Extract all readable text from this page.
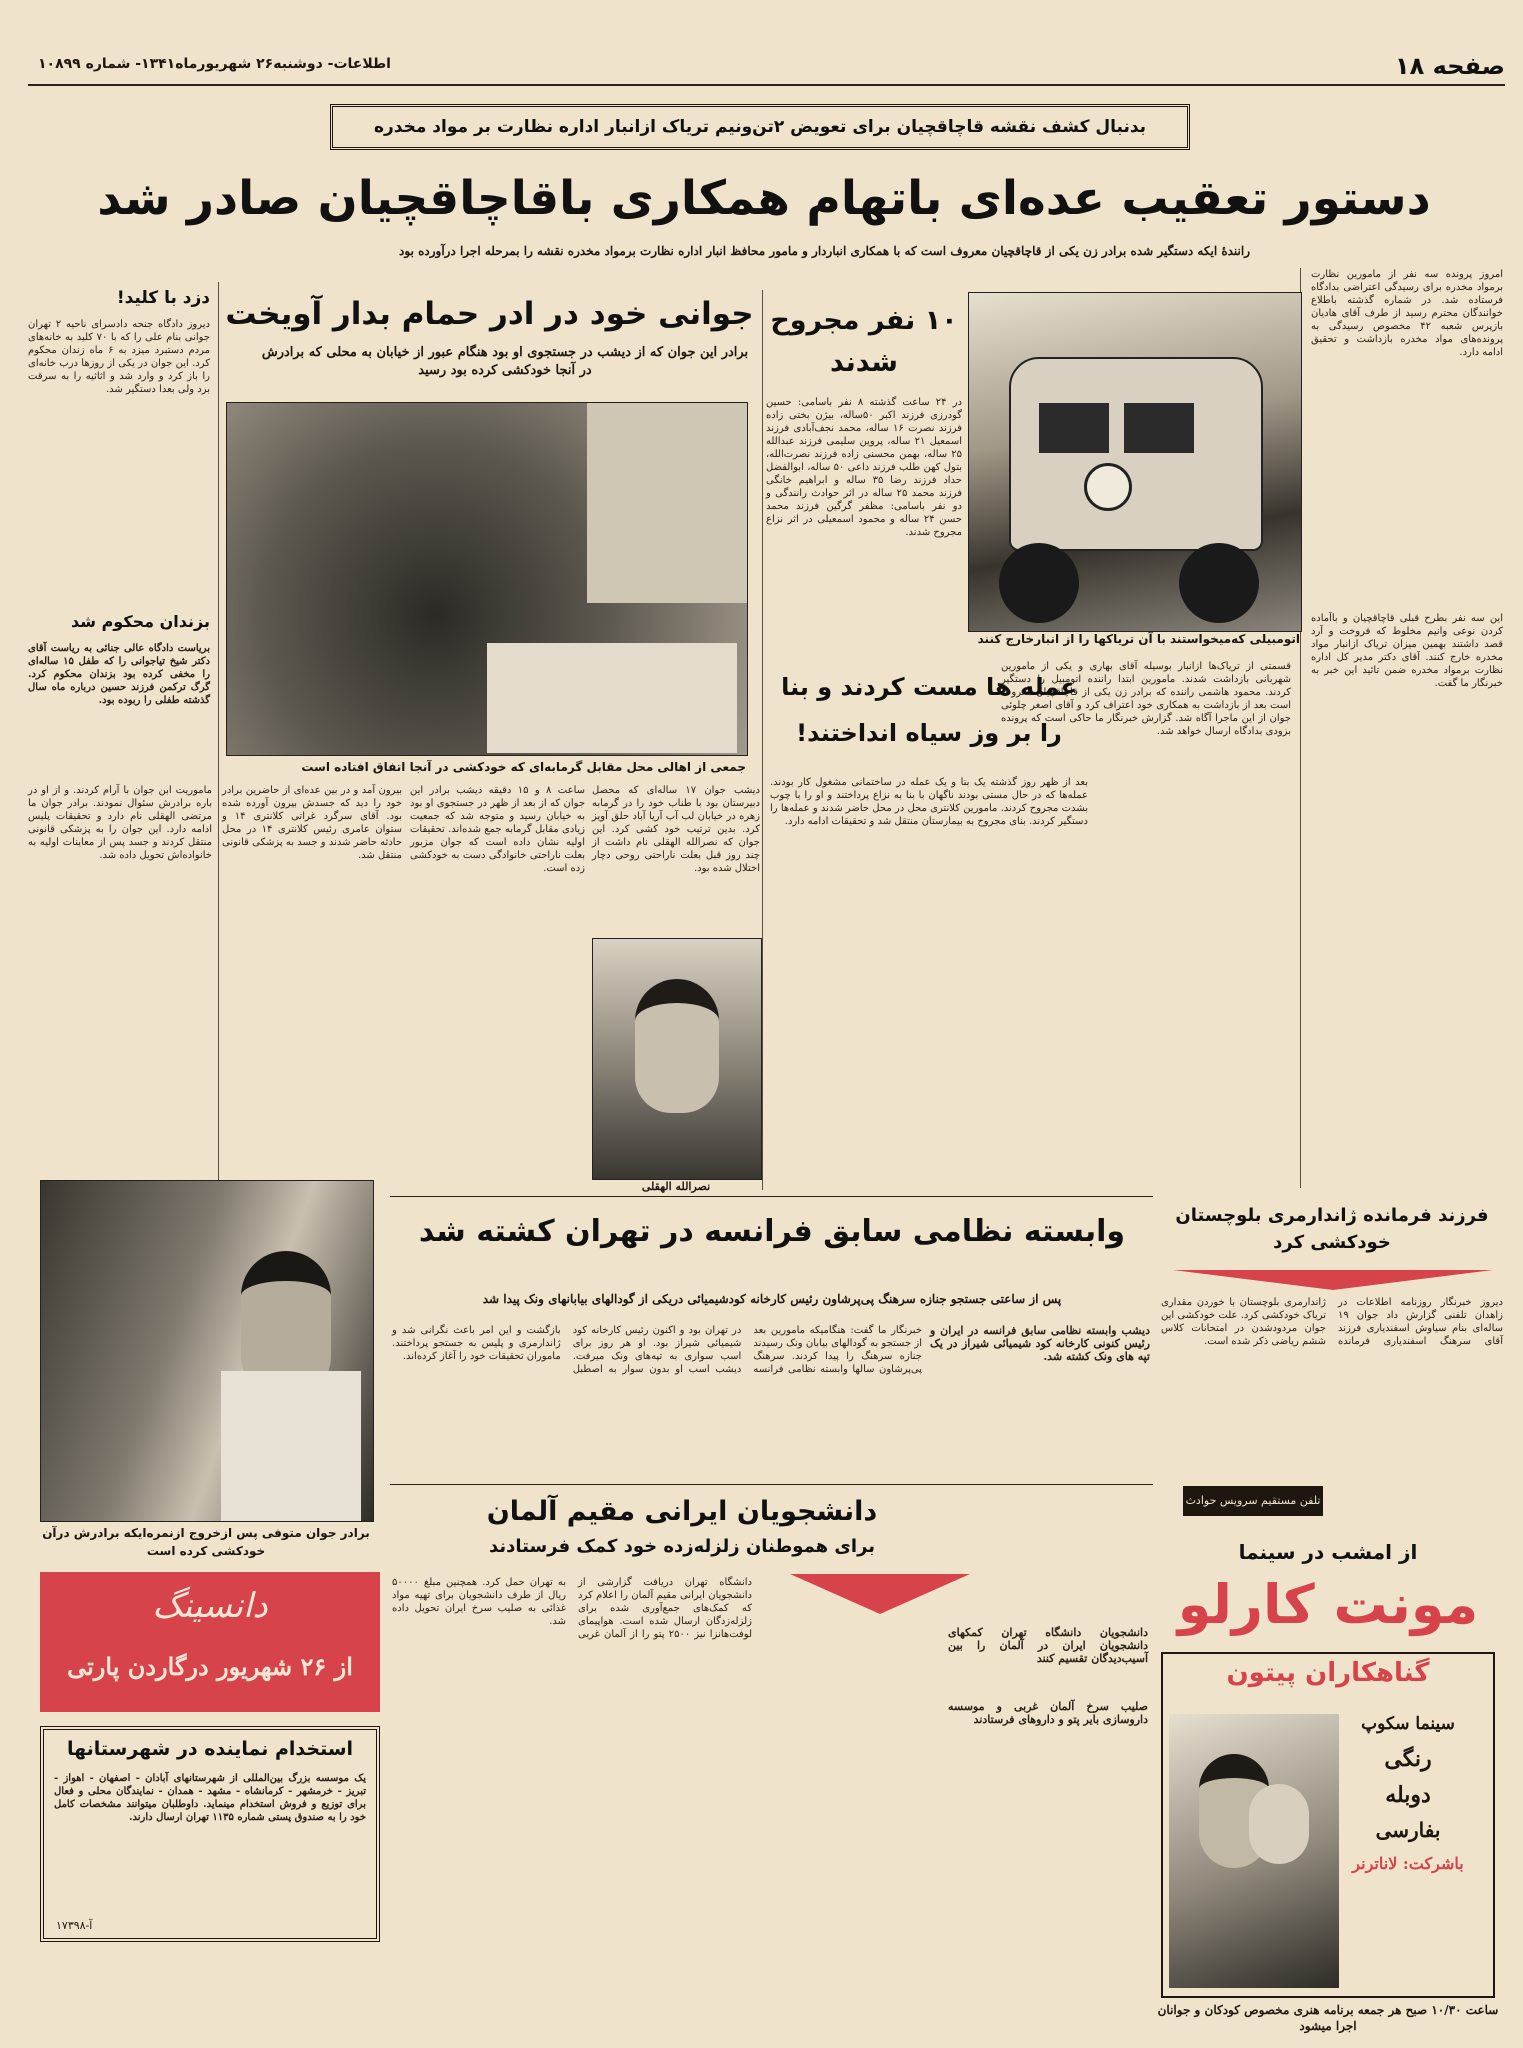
صفحه ۱۸
اطلاعات- دوشنبه۲۶ شهریورماه۱۳۴۱- شماره ۱۰۸۹۹
بدنبال کشف نقشه قاچاقچیان برای تعویض ۲تن‌ونیم تریاک ازانبار اداره نظارت بر مواد مخدره
دستور تعقیب عده‌ای باتهام همکاری باقاچاقچیان صادر شد
رانندهٔ ایکه دستگیر شده برادر زن یکی از قاچاقچیان معروف است که با همکاری انباردار و مامور محافظ انبار اداره نظارت برمواد مخدره نقشه را بمرحله اجرا درآورده بود
امروز پرونده سه نفر از مامورین نظارت برمواد مخدره برای رسیدگی اعتراضی بدادگاه فرستاده شد. در شماره گذشته باطلاع خوانندگان محترم رسید از طرف آقای هادیان بازپرس شعبه ۴۲ مخصوص رسیدگی به پرونده‌های مواد مخدره بازداشت و تحقیق ادامه دارد.
این سه نفر بطرح قبلی قاچاقچیان و باآماده کردن نوعی وانیم مخلوط که فروخت و آرد قصد داشتند بهمین میزان تریاک ازانبار مواد مخدره خارج کنند. آقای دکتر مدیر کل اداره نظارت برمواد مخدره ضمن تائید این خبر به خبرنگار ما گفت.
قسمتی از تریاک‌ها ازانبار بوسیله آقای بهاری و یکی از مامورین شهربانی بازداشت شدند. مامورین ابتدا راننده اتومبیل را دستگیر کردند. محمود هاشمی راننده که برادر زن یکی از قاچاقچیان معروف است بعد از بازداشت به همکاری خود اعتراف کرد و آقای اصغر چلوئی جوان از این ماجرا آگاه شد. گزارش خبرنگار ما حاکی است که پرونده بزودی بدادگاه ارسال خواهد شد.
اتومبیلی که‌میخواستند با آن تریاکها را از انبارخارج کنند
دزد با کلید!
دیروز دادگاه جنحه دادسرای ناحیه ۲ تهران جوانی بنام علی را که با ۷۰ کلید به خانه‌های مردم دستبرد میزد به ۶ ماه زندان محکوم کرد. این جوان در یکی از روزها درب خانه‌ای را باز کرد و وارد شد و اثاثیه را به سرقت برد ولی بعدا دستگیر شد.
بزندان محکوم شد
بریاست دادگاه عالی جنائی به ریاست آقای دکتر شیخ تیاجوانی را که طفل ۱۵ ساله‌ای را مخفی کرده بود بزندان محکوم کرد. گرگ ترکمن فرزند حسین درباره ماه سال گذشته طفلی را ربوده بود.
جوانی خود در ادر حمام بدار آویخت
برادر این جوان که از دیشب در جستجوی او بود هنگام عبور از خیابان به محلی که برادرش در آنجا خودکشی کرده بود رسید
جمعی از اهالی محل مقابل گرمابه‌ای که خودکشی در آنجا اتفاق افتاده است
دیشب جوان ۱۷ ساله‌ای که محصل دبیرستان بود با طناب خود را در گرمابه زهره در خیابان لب آب آریا آباد حلق آویز کرد. بدین ترتیب خود کشی کرد. این جوان که نصرالله الهقلی نام داشت از چند روز قبل بعلت ناراحتی روحی دچار اختلال شده بود.
نصرالله الهقلی
ساعت ۸ و ۱۵ دقیقه دیشب برادر این جوان که از بعد از ظهر در جستجوی او بود به خیابان رسید و متوجه شد که جمعیت زیادی مقابل گرمابه جمع شده‌اند. تحقیقات اولیه نشان داده است که جوان مزبور بعلت ناراحتی خانوادگی دست به خودکشی زده است.
بیرون آمد و در بین عده‌ای از حاضرین برادر خود را دید که جسدش بیرون آورده شده بود. آقای سرگرد غراتی کلانتری ۱۴ و ستوان عامری رئیس کلانتری ۱۴ در محل حادثه حاضر شدند و جسد به پزشکی قانونی منتقل شد.
ماموریت ابن جوان با آرام کردند. و از او در باره برادرش سئوال نمودند. برادر جوان ما مرتضی الهقلی نام دارد و تحقیقات پلیس ادامه دارد. این جوان را به پزشکی قانونی منتقل کردند و جسد پس از معاینات اولیه به خانواده‌اش تحویل داده شد.
۱۰ نفر مجروح شدند
در ۲۴ ساعت گذشته ۸ نفر باسامی: حسین گودرزی فرزند اکبر ۵۰ساله، بیژن بختی زاده فرزند نصرت ۱۶ ساله، محمد نجف‌آبادی فرزند اسمعیل ۲۱ ساله، پروین سلیمی فرزند عبدالله ۲۵ ساله، بهمن محسنی زاده فرزند نصرت‌الله، بتول کهن طلب فرزند داعی ۵۰ ساله، ابوالفضل حداد فرزند رضا ۳۵ ساله و ابراهیم خانگی فرزند محمد ۲۵ ساله در اثر حوادث رانندگی و دو نفر باسامی: مظفر گرگین فرزند محمد حسن ۲۴ ساله و محمود اسمعیلی در اثر نزاع مجروح شدند.
عمله ها مست کردند و بنا را بر وز سیاه انداختند!
بعد از ظهر روز گذشته یک بنا و یک عمله در ساختمانی مشغول کار بودند. عمله‌ها که در حال مستی بودند ناگهان با بنا به نزاع پرداختند و او را با چوب بشدت مجروح کردند. مامورین کلانتری محل در محل حاضر شدند و عمله‌ها را دستگیر کردند. بنای مجروح به بیمارستان منتقل شد و تحقیقات ادامه دارد.
وابسته نظامی سابق فرانسه در تهران کشته شد
پس از ساعتی جستجو جنازه سرهنگ پی‌پرشاون رئیس کارخانه کودشیمیائی دریکی از گودالهای بیابانهای ونک پیدا شد
دیشب وابسته نظامی سابق فرانسه در ایران و رئیس کنونی کارخانه کود شیمیائی شیراز در یک تپه های ونک کشته شد.
خبرنگار ما گفت: هنگامیکه مامورین بعد از جستجو به گودالهای بیابان ونک رسیدند جنازه سرهنگ را پیدا کردند. سرهنگ پی‌پرشاون سالها وابسته نظامی فرانسه در تهران بود و اکنون رئیس کارخانه کود شیمیائی شیراز بود. او هر روز برای اسب سواری به تپه‌های ونک میرفت. دیشب اسب او بدون سوار به اصطبل بازگشت و این امر باعث نگرانی شد و ژاندارمری و پلیس به جستجو پرداختند. ماموران تحقیقات خود را آغاز کرده‌اند.
فرزند فرمانده ژاندارمری بلوچستان خودکشی کرد
دیروز خبرنگار روزنامه اطلاعات در زاهدان تلفنی گزارش داد جوان ۱۹ ساله‌ای بنام سیاوش اسفندیاری فرزند آقای سرهنگ اسفندیاری فرمانده ژاندارمری بلوچستان با خوردن مقداری تریاک خودکشی کرد. علت خودکشی این جوان مردودشدن در امتحانات کلاس ششم ریاضی ذکر شده است.
تلفن مستقیم سرویس حوادث ۳۲۵۶۹
برادر جوان متوفی پس ازخروج ازنمره‌ایکه برادرش درآن خودکشی کرده است
دانسینگ
از ۲۶ شهریور درگاردن پارتی
استخدام نماینده در شهرستانها
یک موسسه بزرگ بین‌المللی از شهرستانهای آبادان - اصفهان - اهواز - تبریز - خرمشهر - کرمانشاه - مشهد - همدان - نمایندگان محلی و فعال برای توزیع و فروش استخدام مینماید. داوطلبان میتوانند مشخصات کامل خود را به صندوق پستی شماره ۱۱۳۵ تهران ارسال دارند.
آ-۱۷۳۹۸
دانشجویان ایرانی مقیم آلمان
برای هموطنان زلزله‌زده خود کمک فرستادند
دانشجویان دانشگاه تهران کمکهای دانشجویان ایران در آلمان را بین آسیب‌دیدگان تقسیم کنند
صلیب سرخ آلمان غربی و موسسه داروسازی بایر پتو و داروهای فرستادند
دانشگاه تهران دریافت گزارشی از دانشجویان ایرانی مقیم آلمان را اعلام کرد که کمک‌های جمع‌آوری شده برای زلزله‌زدگان ارسال شده است. هواپیمای لوفت‌هانزا نیز ۲۵۰۰ پتو را از آلمان غربی به تهران حمل کرد. همچنین مبلغ ۵۰۰۰۰ ریال از طرف دانشجویان برای تهیه مواد غذائی به صلیب سرخ ایران تحویل داده شد.
از امشب در سینما
مونت کارلو
گناهکاران پیتون
سینما سکوپ
رنگی
دوبله
بفارسی
باشرکت: لاناترنر
ساعت ۱۰/۳۰ صبح هر جمعه برنامه هنری مخصوص کودکان و جوانان اجرا میشود
